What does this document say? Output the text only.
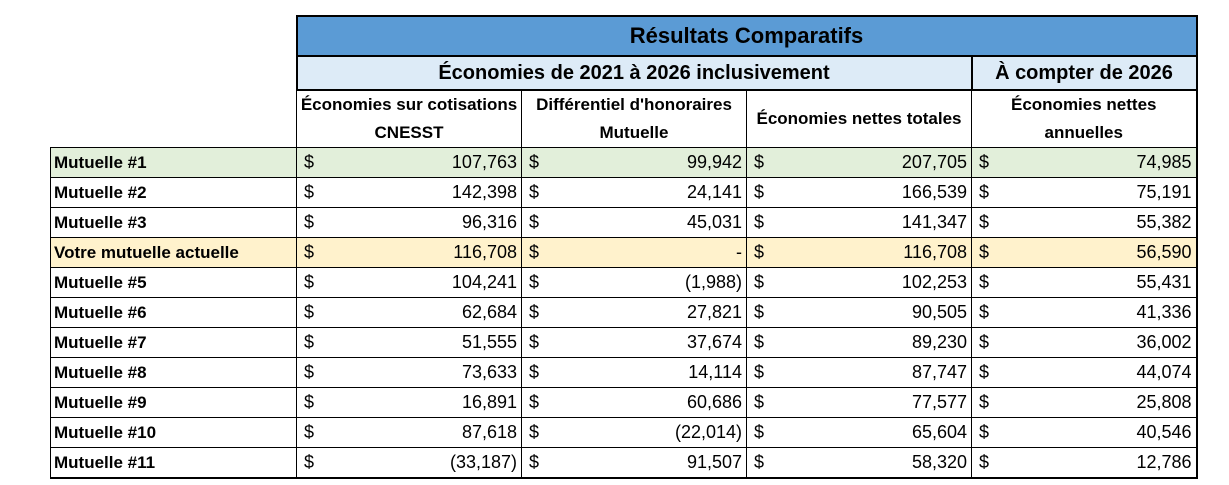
	Résultats Comparatifs			
	Économies de 2021 à 2026 inclusivement			À compter de 2026
	Économies sur cotisations CNESST	Différentiel d'honoraires Mutuelle	Économies nettes totales	Économies nettes annuelles
Mutuelle #1	$ 107,763	$ 99,942	$ 207,705	$ 74,985

Mutuelle #2	$ 142,398	$ 24,141	$ 166,539	$ 75,191

Mutuelle #3	$ 96,316	$ 45,031	$ 141,347	$ 55,382

Votre mutuelle actuelle	$ 116,708	$ -	$ 116,708	$ 56,590

Mutuelle #5	$ 104,241	$ (1,988)	$ 102,253	$ 55,431

Mutuelle #6	$ 62,684	$ 27,821	$ 90,505	$ 41,336

Mutuelle #7	$ 51,555	$ 37,674	$ 89,230	$ 36,002

Mutuelle #8	$ 73,633	$ 14,114	$ 87,747	$ 44,074

Mutuelle #9	$ 16,891	$ 60,686	$ 77,577	$ 25,808

Mutuelle #10	$ 87,618	$ (22,014)	$ 65,604	$ 40,546

Mutuelle #11	$ (33,187)	$ 91,507	$ 58,320	$ 12,786
